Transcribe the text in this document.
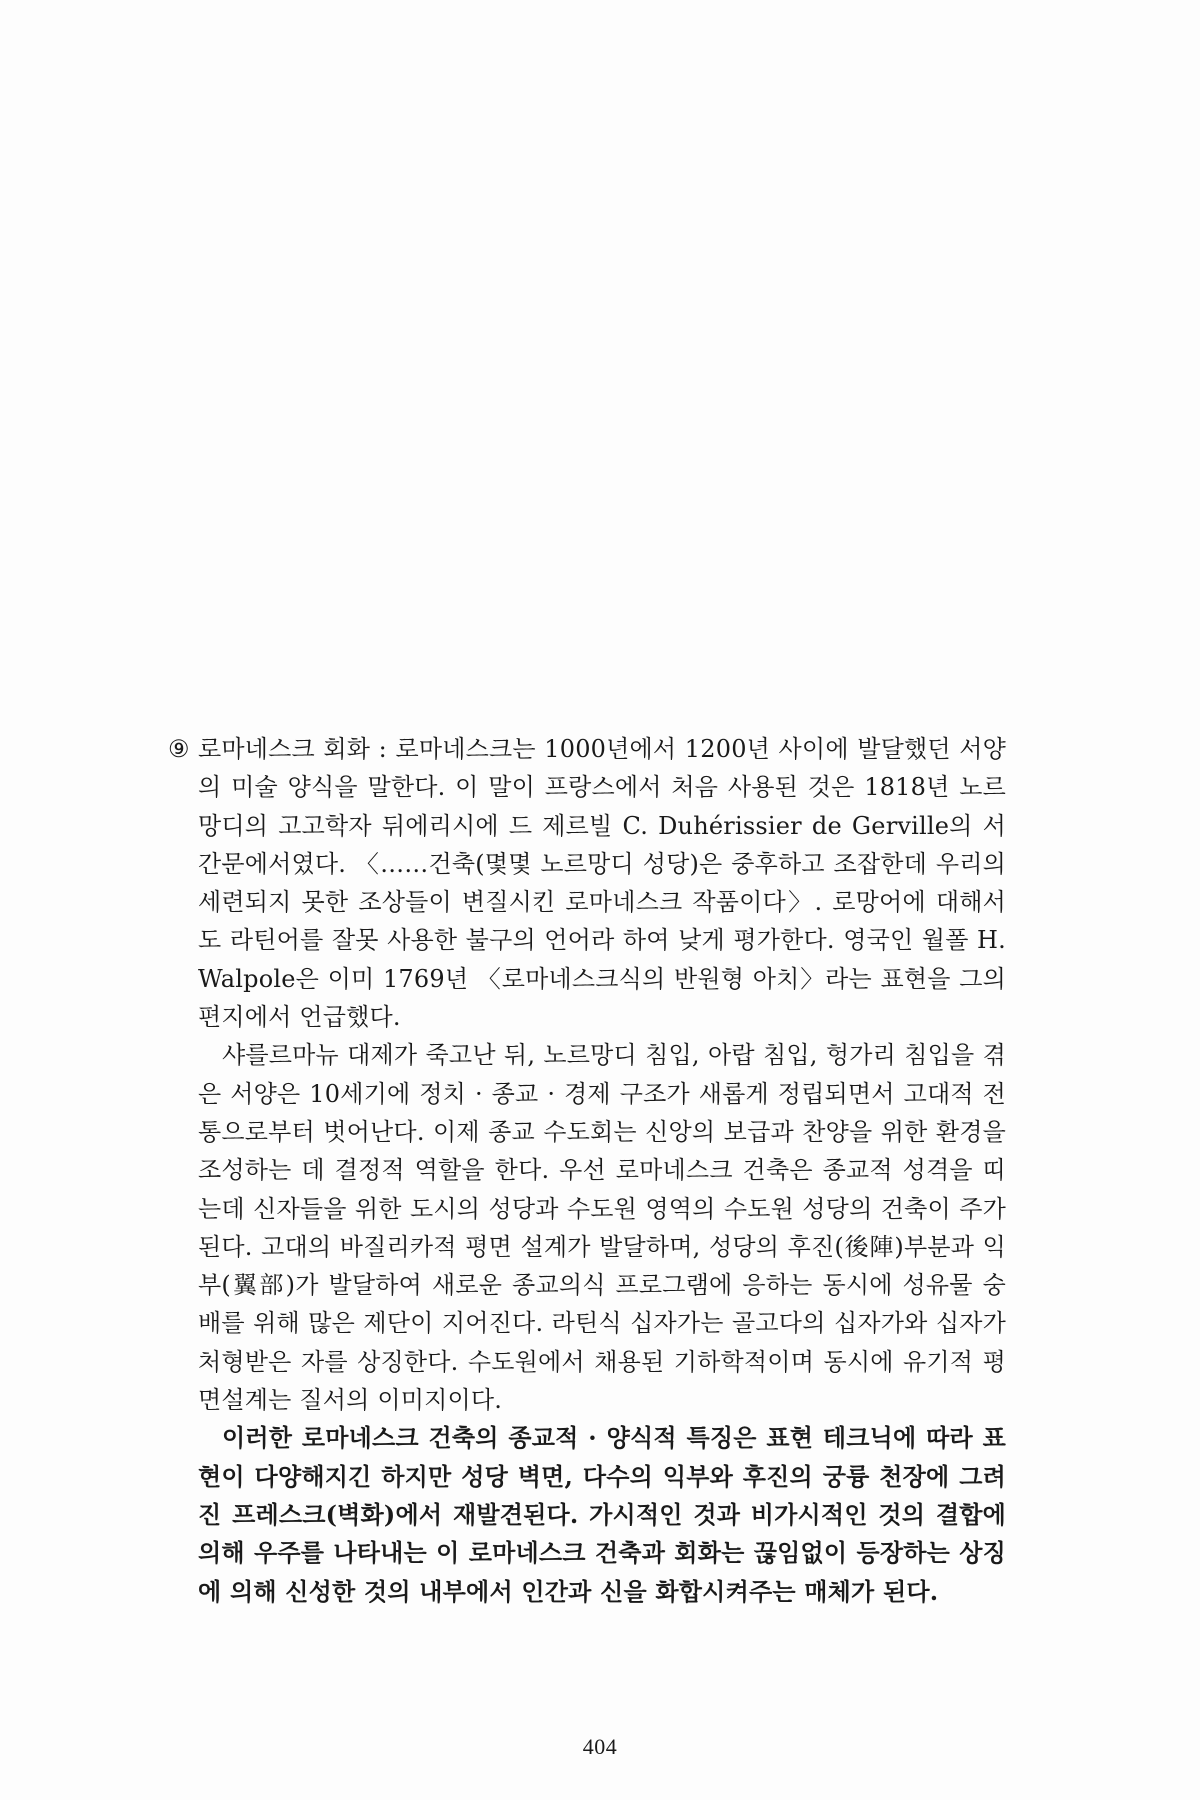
⑨ 로마네스크 회화 : 로마네스크는 1000년에서 1200년 사이에 발달했던 서양의 미술 양식을 말한다. 이 말이 프랑스에서 처음 사용된 것은 1818년 노르망디의 고고학자 뒤에리시에 드 제르빌 C. Duhérissier de Gerville의 서간문에서였다. 〈……건축(몇몇 노르망디 성당)은 중후하고 조잡한데 우리의 세련되지 못한 조상들이 변질시킨 로마네스크 작품이다〉. 로망어에 대해서도 라틴어를 잘못 사용한 불구의 언어라 하여 낮게 평가한다. 영국인 월폴 H. Walpole은 이미 1769년 〈로마네스크식의 반원형 아치〉라는 표현을 그의 편지에서 언급했다.

샤를르마뉴 대제가 죽고난 뒤, 노르망디 침입, 아랍 침입, 헝가리 침입을 겪은 서양은 10세기에 정치 · 종교 · 경제 구조가 새롭게 정립되면서 고대적 전통으로부터 벗어난다. 이제 종교 수도회는 신앙의 보급과 찬양을 위한 환경을 조성하는 데 결정적 역할을 한다. 우선 로마네스크 건축은 종교적 성격을 띠는데 신자들을 위한 도시의 성당과 수도원 영역의 수도원 성당의 건축이 주가 된다. 고대의 바질리카적 평면 설계가 발달하며, 성당의 후진(後陣)부분과 익부(翼部)가 발달하여 새로운 종교의식 프로그램에 응하는 동시에 성유물 숭배를 위해 많은 제단이 지어진다. 라틴식 십자가는 골고다의 십자가와 십자가 처형받은 자를 상징한다. 수도원에서 채용된 기하학적이며 동시에 유기적 평면설계는 질서의 이미지이다.

이러한 로마네스크 건축의 종교적 · 양식적 특징은 표현 테크닉에 따라 표현이 다양해지긴 하지만 성당 벽면, 다수의 익부와 후진의 궁륭 천장에 그려진 프레스크(벽화)에서 재발견된다. 가시적인 것과 비가시적인 것의 결합에 의해 우주를 나타내는 이 로마네스크 건축과 회화는 끊임없이 등장하는 상징에 의해 신성한 것의 내부에서 인간과 신을 화합시켜주는 매체가 된다.

404
